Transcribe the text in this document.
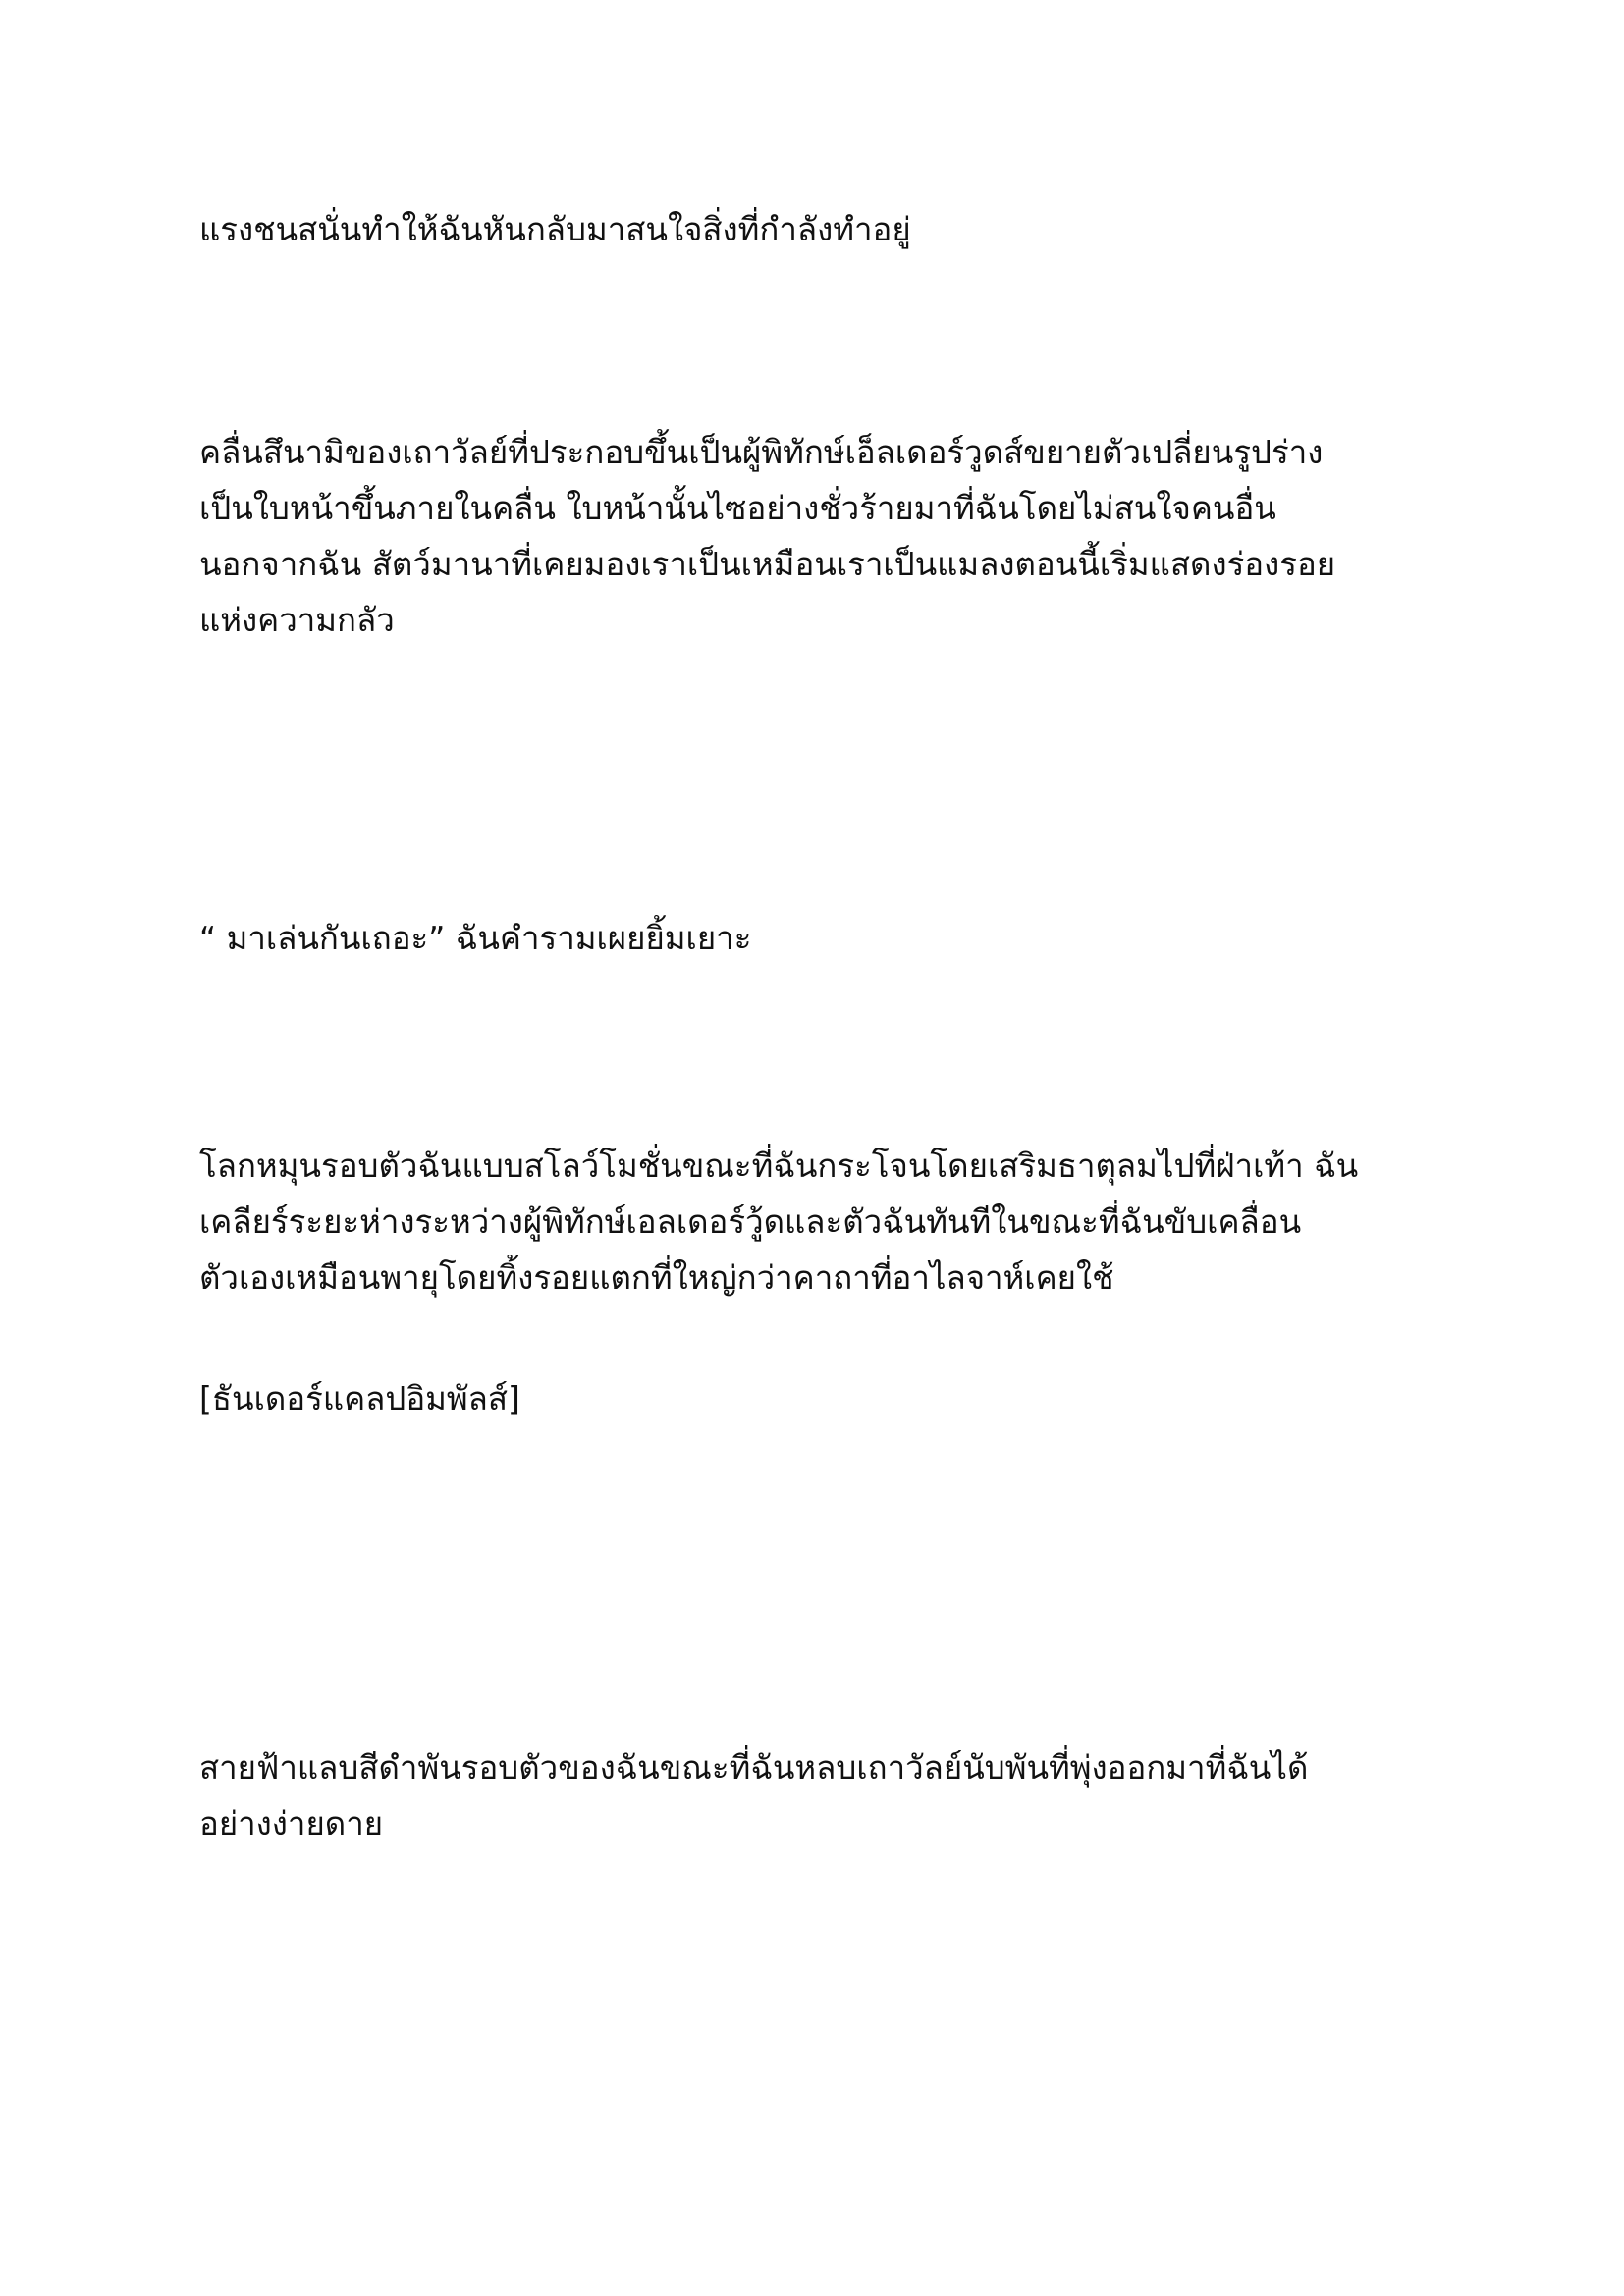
แรงชนสนั่นทำให้ฉันหันกลับมาสนใจสิ่งที่กำลังทำอยู่

คลื่นสึนามิของเถาวัลย์ที่ประกอบขึ้นเป็นผู้พิทักษ์เอ็ลเดอร์วูดส์ขยายตัวเปลี่ยนรูปร่าง
เป็นใบหน้าขึ้นภายในคลื่น ใบหน้านั้นไซอย่างชั่วร้ายมาที่ฉันโดยไม่สนใจคนอื่น
นอกจากฉัน สัตว์มานาที่เคยมองเราเป็นเหมือนเราเป็นแมลงตอนนี้เริ่มแสดงร่องรอย
แห่งความกลัว

“ มาเล่นกันเถอะ” ฉันคำรามเผยยิ้มเยาะ

โลกหมุนรอบตัวฉันแบบสโลว์โมชั่นขณะที่ฉันกระโจนโดยเสริมธาตุลมไปที่ฝ่าเท้า ฉัน
เคลียร์ระยะห่างระหว่างผู้พิทักษ์เอลเดอร์วู้ดและตัวฉันทันทีในขณะที่ฉันขับเคลื่อน
ตัวเองเหมือนพายุโดยทิ้งรอยแตกที่ใหญ่กว่าคาถาที่อาไลจาห์เคยใช้

[ธันเดอร์แคลปอิมพัลส์]

สายฟ้าแลบสีดำพันรอบตัวของฉันขณะที่ฉันหลบเถาวัลย์นับพันที่พุ่งออกมาที่ฉันได้
อย่างง่ายดาย
